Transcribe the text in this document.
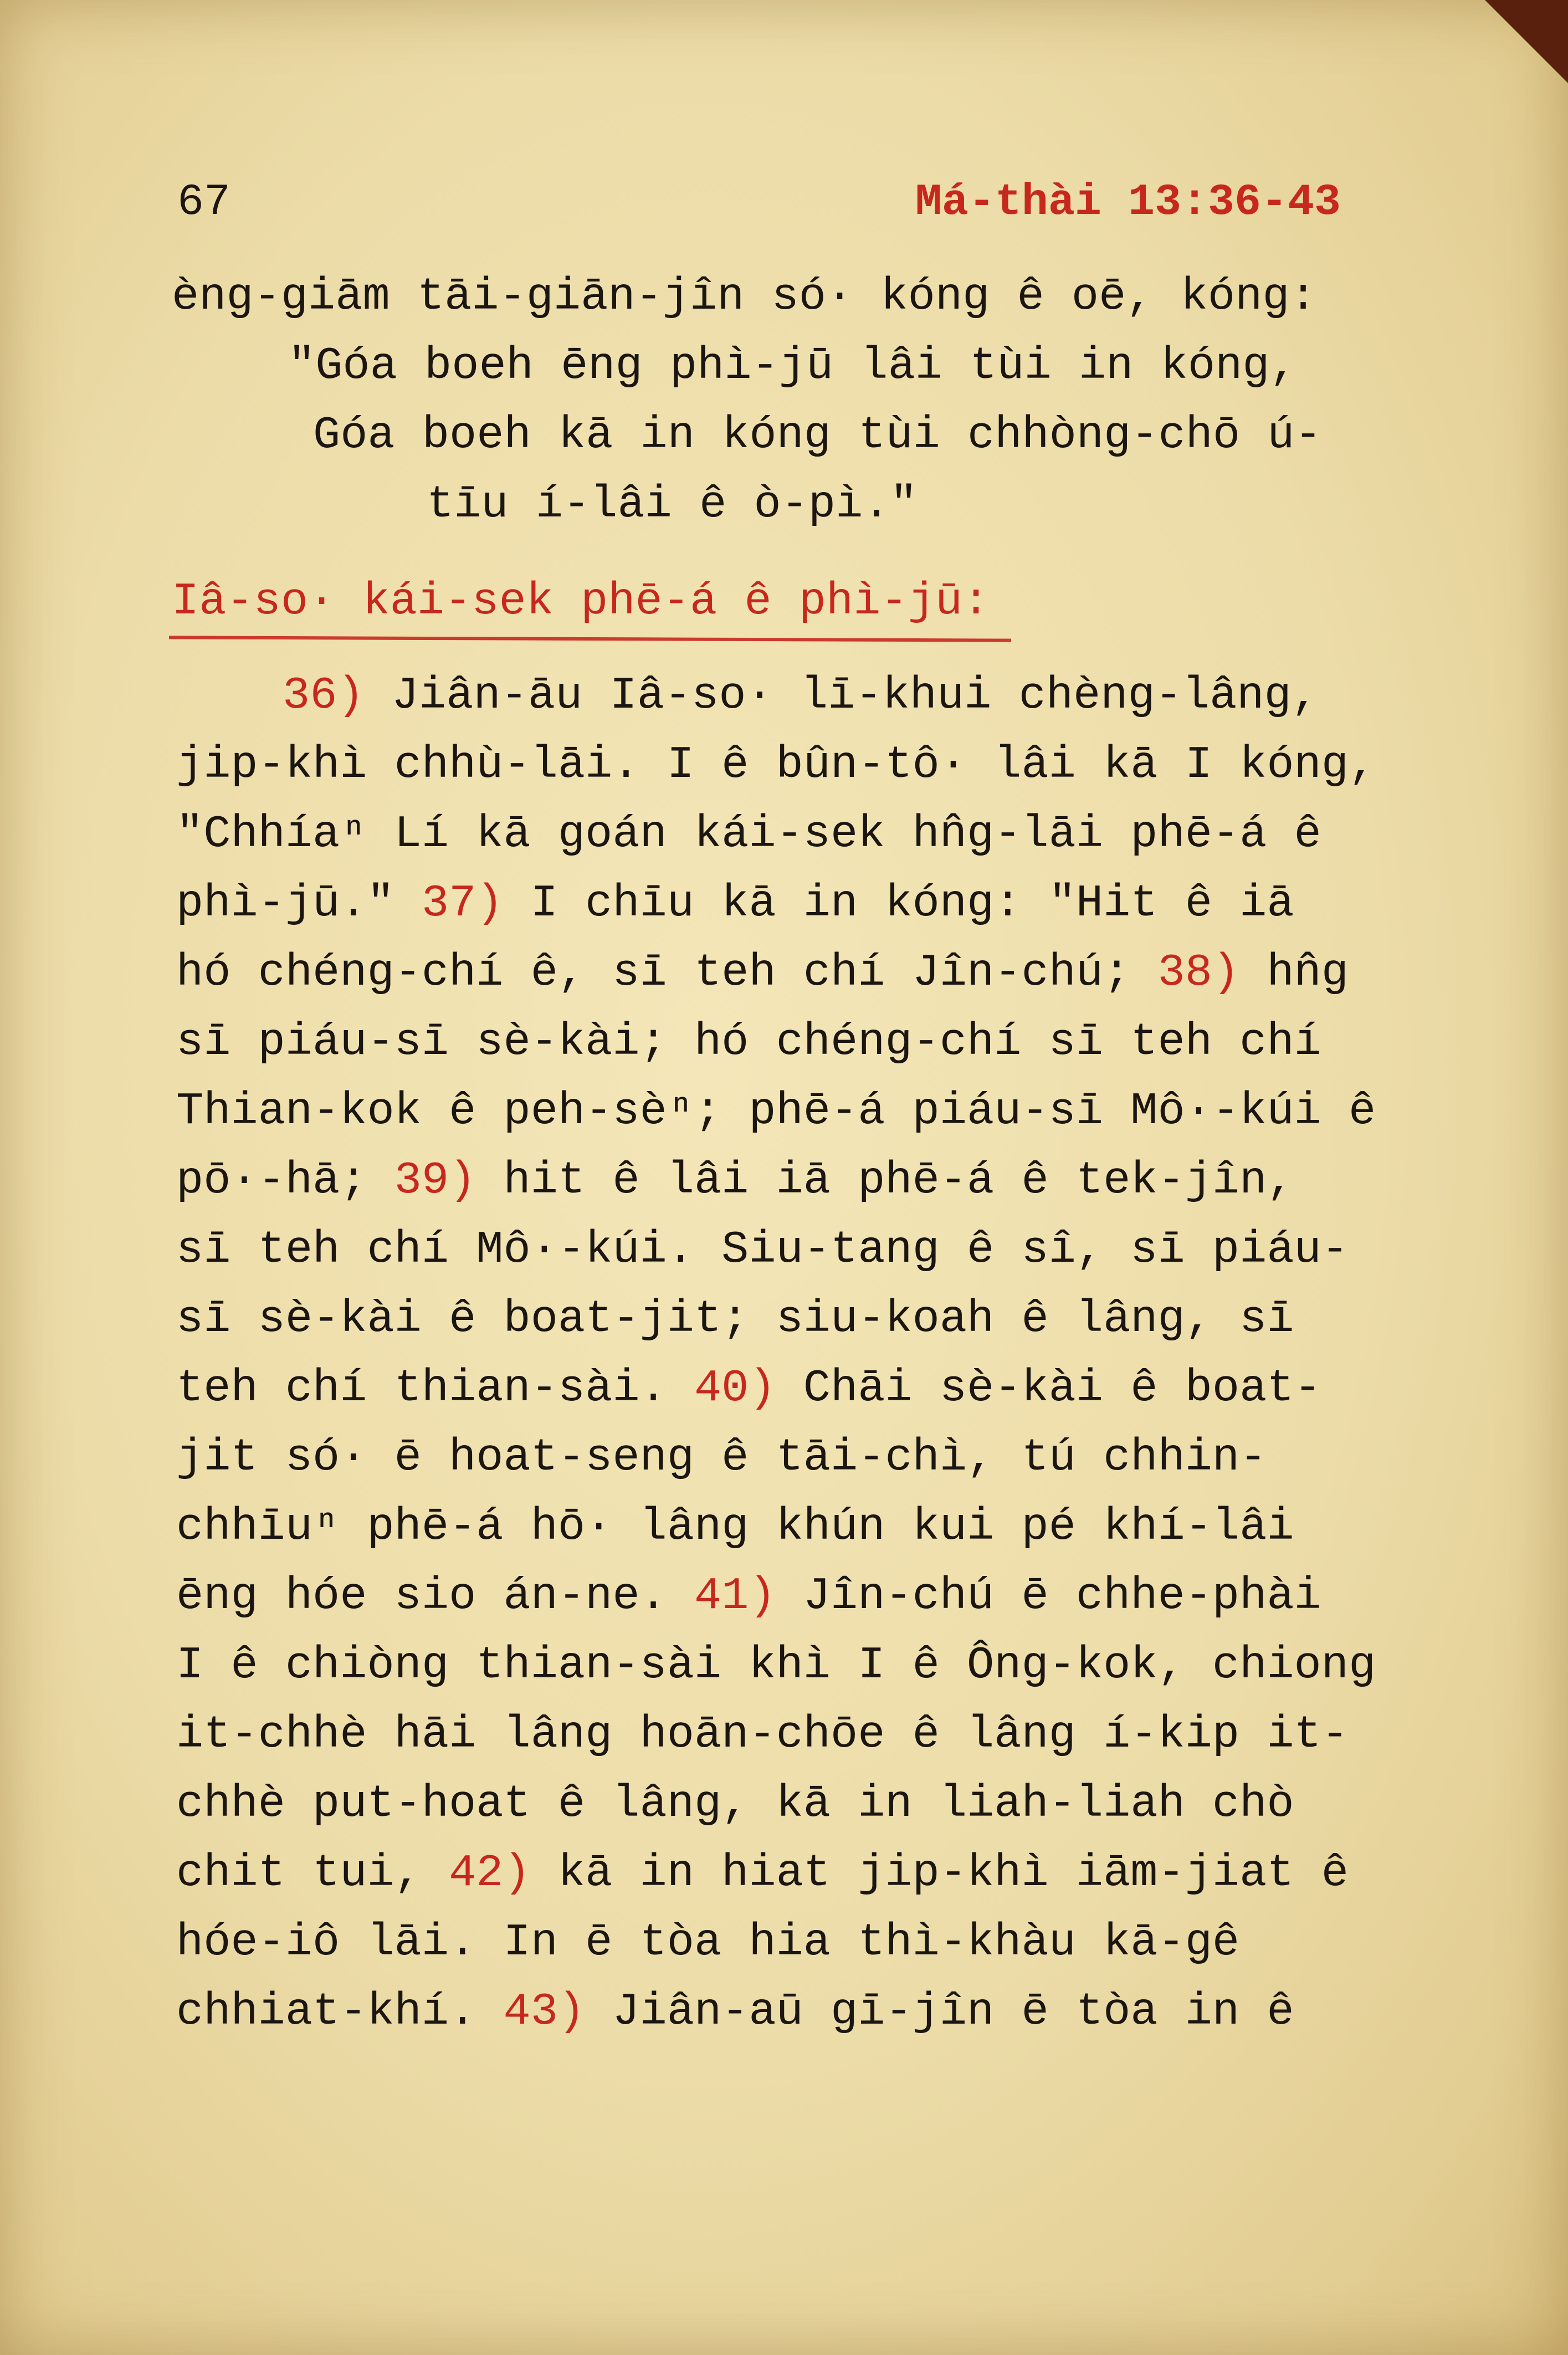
67	Má-thài 13:36-43
èng-giām tāi-giān-jîn só· kóng ê oē, kóng:
"Góa boeh ēng phì-jū lâi tùi in kóng,
Góa boeh kā in kóng tùi chhòng-chō ú-
tīu í-lâi ê ò-pì."
Iâ-so· kái-sek phē-á ê phì-jū:
36) Jiân-āu Iâ-so· lī-khui chèng-lâng,
jip-khì chhù-lāi. I ê bûn-tô· lâi kā I kóng,
"Chhíaⁿ Lí kā goán kái-sek hn̂g-lāi phē-á ê
phì-jū." 37) I chīu kā in kóng: "Hit ê iā
hó chéng-chí ê, sī teh chí Jîn-chú; 38) hn̂g
sī piáu-sī sè-kài; hó chéng-chí sī teh chí
Thian-kok ê peh-sèⁿ; phē-á piáu-sī Mô·-kúi ê
pō·-hā; 39) hit ê lâi iā phē-á ê tek-jîn,
sī teh chí Mô·-kúi. Siu-tang ê sî, sī piáu-
sī sè-kài ê boat-jit; siu-koah ê lâng, sī
teh chí thian-sài. 40) Chāi sè-kài ê boat-
jit só· ē hoat-seng ê tāi-chì, tú chhin-
chhīuⁿ phē-á hō· lâng khún kui pé khí-lâi
ēng hóe sio án-ne. 41) Jîn-chú ē chhe-phài
I ê chiòng thian-sài khì I ê Ông-kok, chiong
it-chhè hāi lâng hoān-chōe ê lâng í-kip it-
chhè put-hoat ê lâng, kā in liah-liah chò
chit tui, 42) kā in hiat jip-khì iām-jiat ê
hóe-iô lāi. In ē tòa hia thì-khàu kā-gê
chhiat-khí. 43) Jiân-aū gī-jîn ē tòa in ê
